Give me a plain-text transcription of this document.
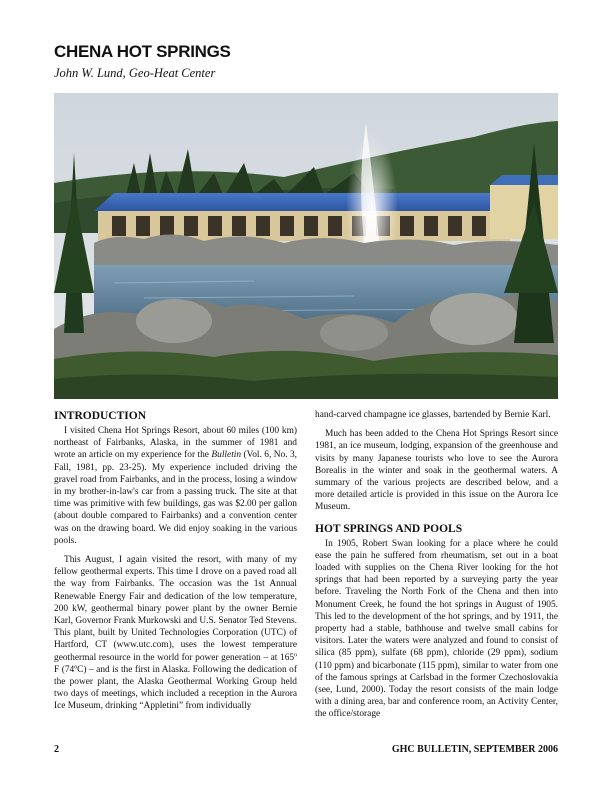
CHENA HOT SPRINGS

John W. Lund, Geo-Heat Center

INTRODUCTION

I visited Chena Hot Springs Resort, about 60 miles (100 km) northeast of Fairbanks, Alaska, in the summer of 1981 and wrote an article on my experience for the Bulletin (Vol. 6, No. 3, Fall, 1981, pp. 23-25). My experience included driving the gravel road from Fairbanks, and in the process, losing a window in my brother-in-law's car from a passing truck. The site at that time was primitive with few buildings, gas was $2.00 per gallon (about double compared to Fairbanks) and a convention center was on the drawing board. We did enjoy soaking in the various pools.

This August, I again visited the resort, with many of my fellow geothermal experts. This time I drove on a paved road all the way from Fairbanks. The occasion was the 1st Annual Renewable Energy Fair and dedication of the low temperature, 200 kW, geothermal binary power plant by the owner Bernie Karl, Governor Frank Murkowski and U.S. Senator Ted Stevens. This plant, built by United Technologies Corporation (UTC) of Hartford, CT (www.utc.com), uses the lowest temperature geothermal resource in the world for power generation – at 165º F (74ºC) – and is the first in Alaska. Following the dedication of the power plant, the Alaska Geothermal Working Group held two days of meetings, which included a reception in the Aurora Ice Museum, drinking “Appletini” from individually

hand-carved champagne ice glasses, bartended by Bernie Karl.

Much has been added to the Chena Hot Springs Resort since 1981, an ice museum, lodging, expansion of the greenhouse and visits by many Japanese tourists who love to see the Aurora Borealis in the winter and soak in the geothermal waters. A summary of the various projects are described below, and a more detailed article is provided in this issue on the Aurora Ice Museum.

HOT SPRINGS AND POOLS

In 1905, Robert Swan looking for a place where he could ease the pain he suffered from rheumatism, set out in a boat loaded with supplies on the Chena River looking for the hot springs that had been reported by a surveying party the year before. Traveling the North Fork of the Chena and then into Monument Creek, he found the hot springs in August of 1905. This led to the development of the hot springs, and by 1911, the property had a stable, bathhouse and twelve small cabins for visitors. Later the waters were analyzed and found to consist of silica (85 ppm), sulfate (68 ppm), chloride (29 ppm), sodium (110 ppm) and bicarbonate (115 ppm), similar to water from one of the famous springs at Carlsbad in the former Czechoslovakia (see, Lund, 2000). Today the resort consists of the main lodge with a dining area, bar and conference room, an Activity Center, the office/storage

2	GHC BULLETIN, SEPTEMBER 2006
